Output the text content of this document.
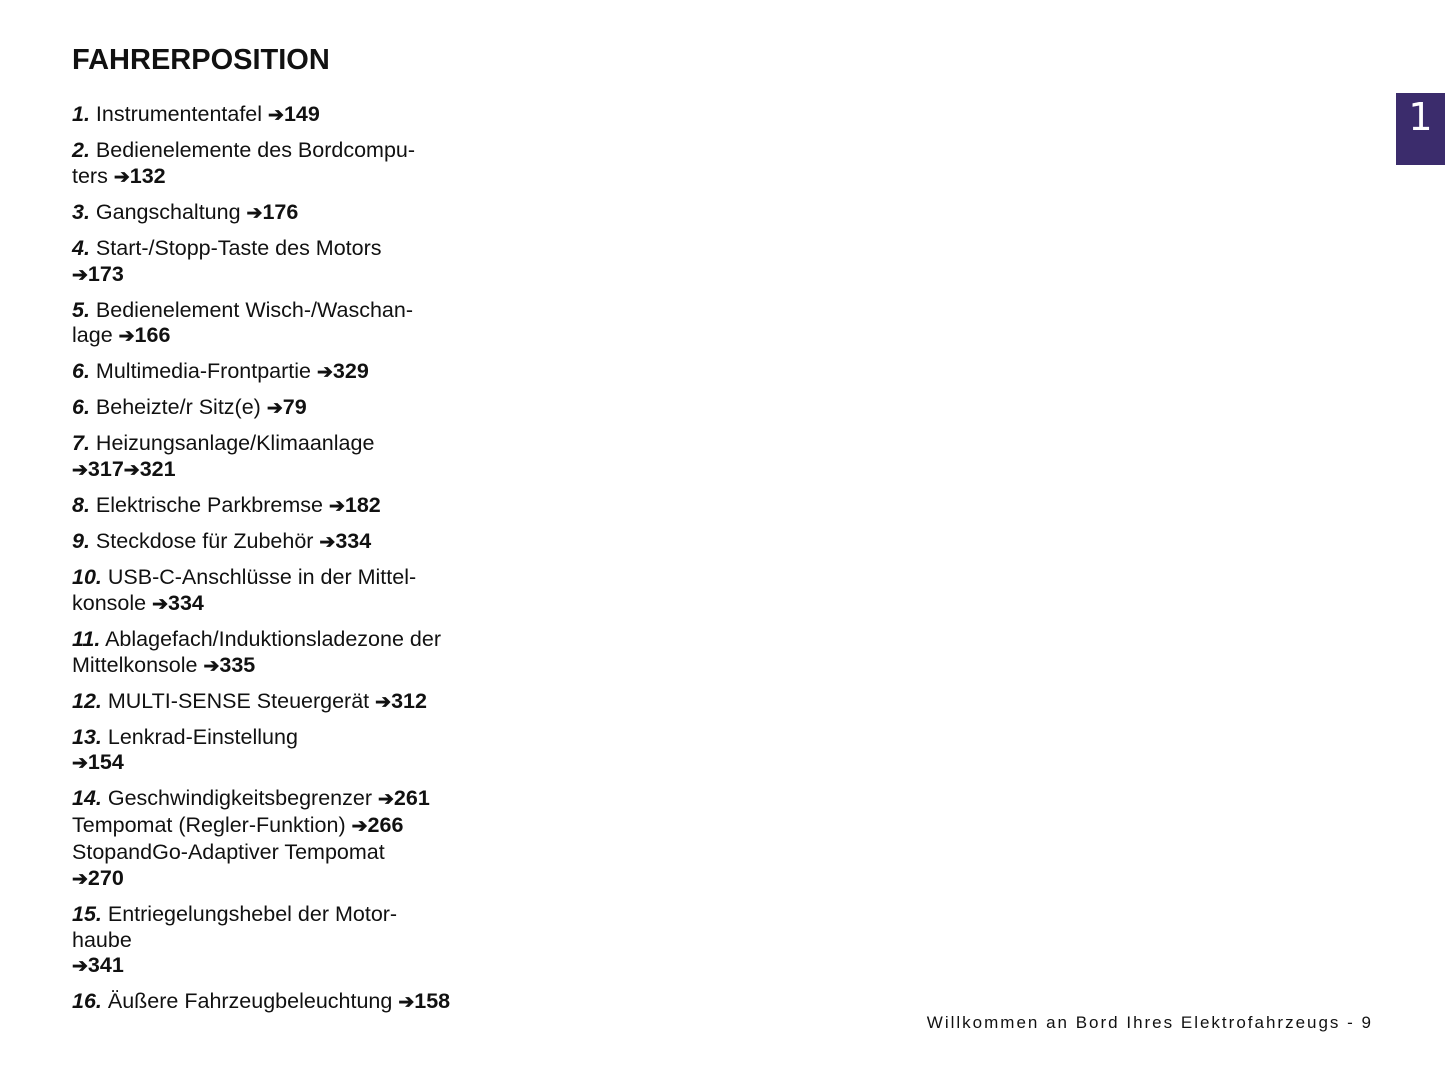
FAHRERPOSITION
1. Instrumententafel ➔149
2. Bedienelemente des Bordcompu-
ters ➔132
3. Gangschaltung ➔176
4. Start-/Stopp-Taste des Motors
➔173
5. Bedienelement Wisch-/Waschan-
lage ➔166
6. Multimedia-Frontpartie ➔329
6. Beheizte/r Sitz(e) ➔79
7. Heizungsanlage/Klimaanlage
➔317➔321
8. Elektrische Parkbremse ➔182
9. Steckdose für Zubehör ➔334
10. USB-C-Anschlüsse in der Mittel-
konsole ➔334
11. Ablagefach/Induktionsladezone der Mittelkonsole ➔335
12. MULTI-SENSE Steuergerät ➔312
13. Lenkrad-Einstellung
➔154
14. Geschwindigkeitsbegrenzer ➔261
Tempomat (Regler-Funktion) ➔266
StopandGo-Adaptiver Tempomat
➔270
15. Entriegelungshebel der Motor-
haube
➔341
16. Äußere Fahrzeugbeleuchtung ➔158
1
Willkommen an Bord Ihres Elektrofahrzeugs - 9
